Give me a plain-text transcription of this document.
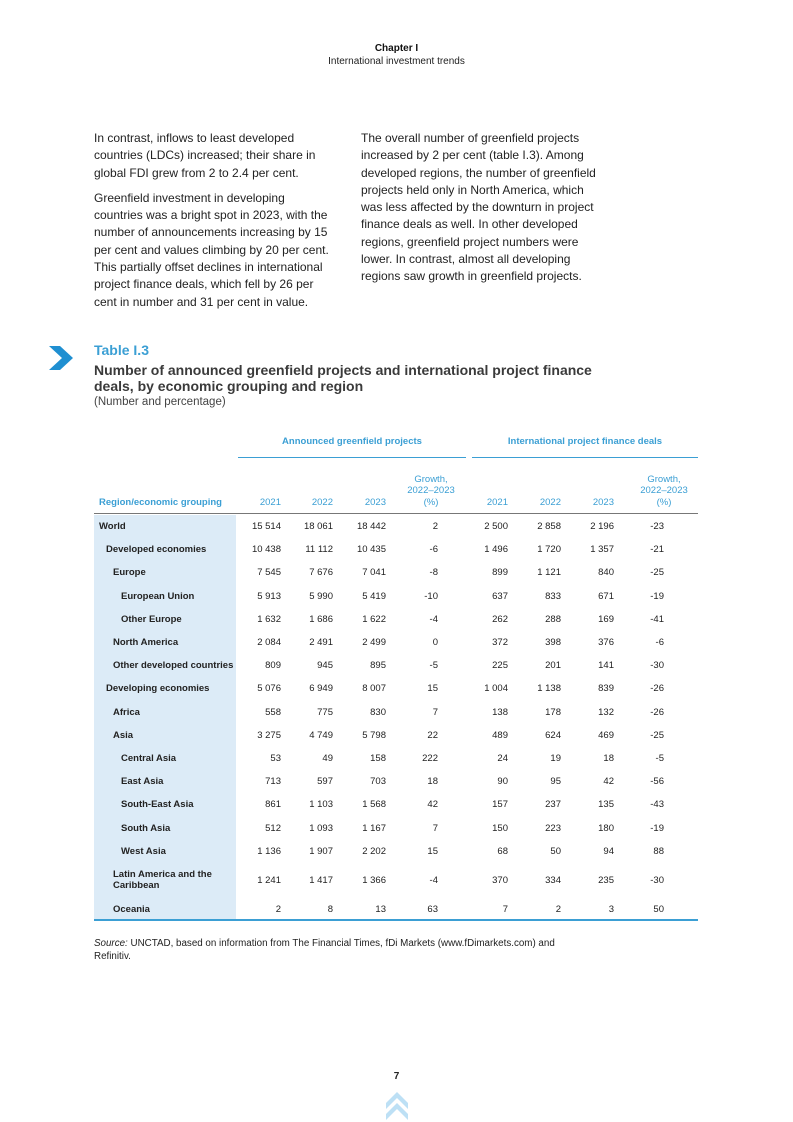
Chapter I
International investment trends

In contrast, inflows to least developed countries (LDCs) increased; their share in global FDI grew from 2 to 2.4 per cent.

Greenfield investment in developing countries was a bright spot in 2023, with the number of announcements increasing by 15 per cent and values climbing by 20 per cent. This partially offset declines in international project finance deals, which fell by 26 per cent in number and 31 per cent in value.

The overall number of greenfield projects increased by 2 per cent (table I.3). Among developed regions, the number of greenfield projects held only in North America, which was less affected by the downturn in project finance deals as well. In other developed regions, greenfield project numbers were lower. In contrast, almost all developing regions saw growth in greenfield projects.

Table I.3
Number of announced greenfield projects and international project finance deals, by economic grouping and region
(Number and percentage)
Announced greenfield projects	International project finance deals
Region/economic grouping	2021	2022	2023
Growth,
2022–2023
(%)	2021	2022	2023
Growth,
2022–2023
(%)
World	15 514	18 061	18 442	2	2 500	2 858	2 196	-23
Developed economies	10 438	11 112	10 435	-6	1 496	1 720	1 357	-21
Europe	7 545	7 676	7 041	-8	899	1 121	840	-25
European Union	5 913	5 990	5 419	-10	637	833	671	-19
Other Europe	1 632	1 686	1 622	-4	262	288	169	-41
North America	2 084	2 491	2 499	0	372	398	376	-6
Other developed countries	809	945	895	-5	225	201	141	-30
Developing economies	5 076	6 949	8 007	15	1 004	1 138	839	-26
Africa	558	775	830	7	138	178	132	-26
Asia	3 275	4 749	5 798	22	489	624	469	-25
Central Asia	53	49	158	222	24	19	18	-5
East Asia	713	597	703	18	90	95	42	-56
South-East Asia	861	1 103	1 568	42	157	237	135	-43
South Asia	512	1 093	1 167	7	150	223	180	-19
West Asia	1 136	1 907	2 202	15	68	50	94	88
Latin America and the Caribbean	1 241	1 417	1 366	-4	370	334	235	-30
Oceania	2	8	13	63	7	2	3	50
Source: UNCTAD, based on information from The Financial Times, fDi Markets (www.fDimarkets.com) and Refinitiv.
7
